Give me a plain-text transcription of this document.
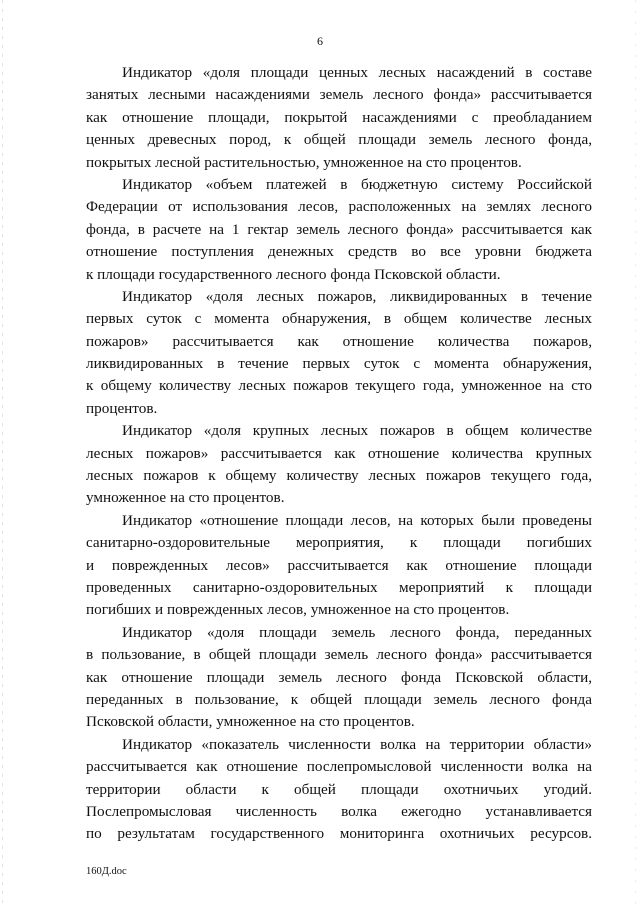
6
Индикатор «доля площади ценных лесных насаждений в составе
занятых лесными насаждениями земель лесного фонда» рассчитывается
как отношение площади, покрытой насаждениями с преобладанием
ценных древесных пород, к общей площади земель лесного фонда,
покрытых лесной растительностью, умноженное на сто процентов.
Индикатор «объем платежей в бюджетную систему Российской
Федерации от использования лесов, расположенных на землях лесного
фонда, в расчете на 1 гектар земель лесного фонда» рассчитывается как
отношение поступления денежных средств во все уровни бюджета
к площади государственного лесного фонда Псковской области.
Индикатор «доля лесных пожаров, ликвидированных в течение
первых суток с момента обнаружения, в общем количестве лесных
пожаров» рассчитывается как отношение количества пожаров,
ликвидированных в течение первых суток с момента обнаружения,
к общему количеству лесных пожаров текущего года, умноженное на сто
процентов.
Индикатор «доля крупных лесных пожаров в общем количестве
лесных пожаров» рассчитывается как отношение количества крупных
лесных пожаров к общему количеству лесных пожаров текущего года,
умноженное на сто процентов.
Индикатор «отношение площади лесов, на которых были проведены
санитарно-оздоровительные мероприятия, к площади погибших
и поврежденных лесов» рассчитывается как отношение площади
проведенных санитарно-оздоровительных мероприятий к площади
погибших и поврежденных лесов, умноженное на сто процентов.
Индикатор «доля площади земель лесного фонда, переданных
в пользование, в общей площади земель лесного фонда» рассчитывается
как отношение площади земель лесного фонда Псковской области,
переданных в пользование, к общей площади земель лесного фонда
Псковской области, умноженное на сто процентов.
Индикатор «показатель численности волка на территории области»
рассчитывается как отношение послепромысловой численности волка на
территории области к общей площади охотничьих угодий.
Послепромысловая численность волка ежегодно устанавливается
по результатам государственного мониторинга охотничьих ресурсов.
160Д.doc
